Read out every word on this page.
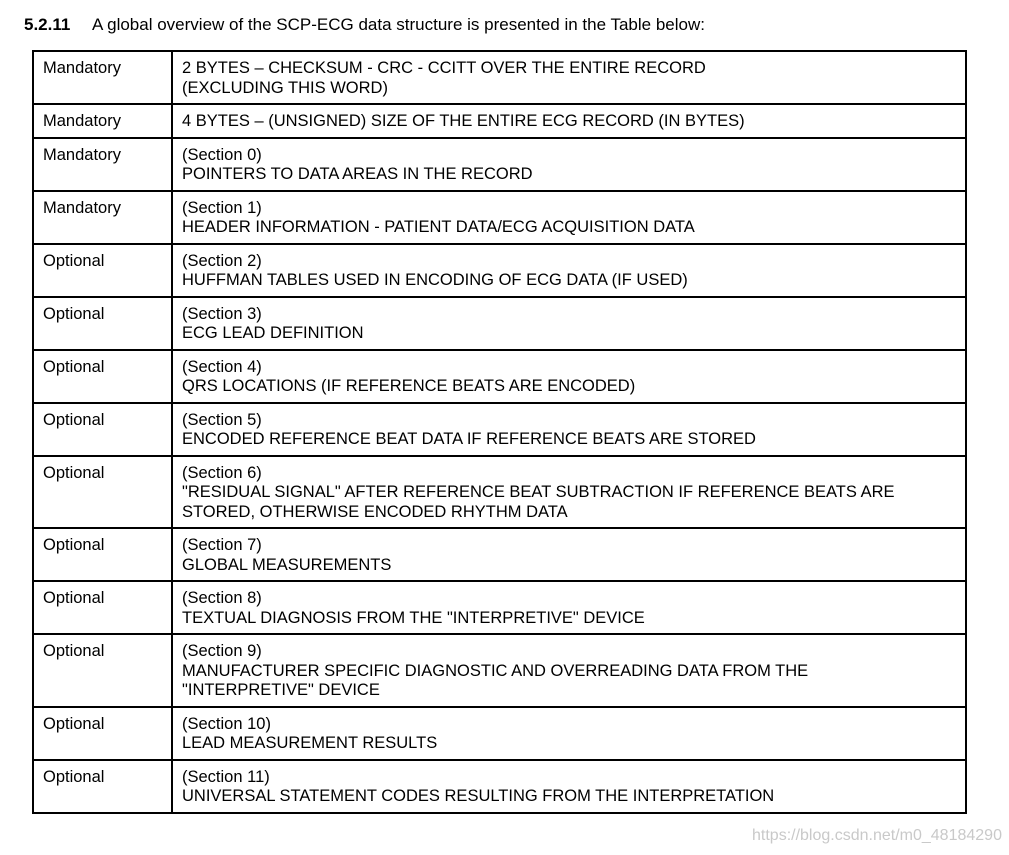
5.2.11 A global overview of the SCP-ECG data structure is presented in the Table below:
Mandatory	2 BYTES – CHECKSUM - CRC - CCITT OVER THE ENTIRE RECORD
(EXCLUDING THIS WORD)

Mandatory	4 BYTES – (UNSIGNED) SIZE OF THE ENTIRE ECG RECORD (IN BYTES)

Mandatory	(Section 0)
POINTERS TO DATA AREAS IN THE RECORD

Mandatory	(Section 1)
HEADER INFORMATION - PATIENT DATA/ECG ACQUISITION DATA

Optional	(Section 2)
HUFFMAN TABLES USED IN ENCODING OF ECG DATA (IF USED)

Optional	(Section 3)
ECG LEAD DEFINITION

Optional	(Section 4)
QRS LOCATIONS (IF REFERENCE BEATS ARE ENCODED)

Optional	(Section 5)
ENCODED REFERENCE BEAT DATA IF REFERENCE BEATS ARE STORED

Optional	(Section 6)
"RESIDUAL SIGNAL" AFTER REFERENCE BEAT SUBTRACTION IF REFERENCE BEATS ARE
STORED, OTHERWISE ENCODED RHYTHM DATA

Optional	(Section 7)
GLOBAL MEASUREMENTS

Optional	(Section 8)
TEXTUAL DIAGNOSIS FROM THE "INTERPRETIVE" DEVICE

Optional	(Section 9)
MANUFACTURER SPECIFIC DIAGNOSTIC AND OVERREADING DATA FROM THE
"INTERPRETIVE" DEVICE

Optional	(Section 10)
LEAD MEASUREMENT RESULTS

Optional	(Section 11)
UNIVERSAL STATEMENT CODES RESULTING FROM THE INTERPRETATION
https://blog.csdn.net/m0_48184290
